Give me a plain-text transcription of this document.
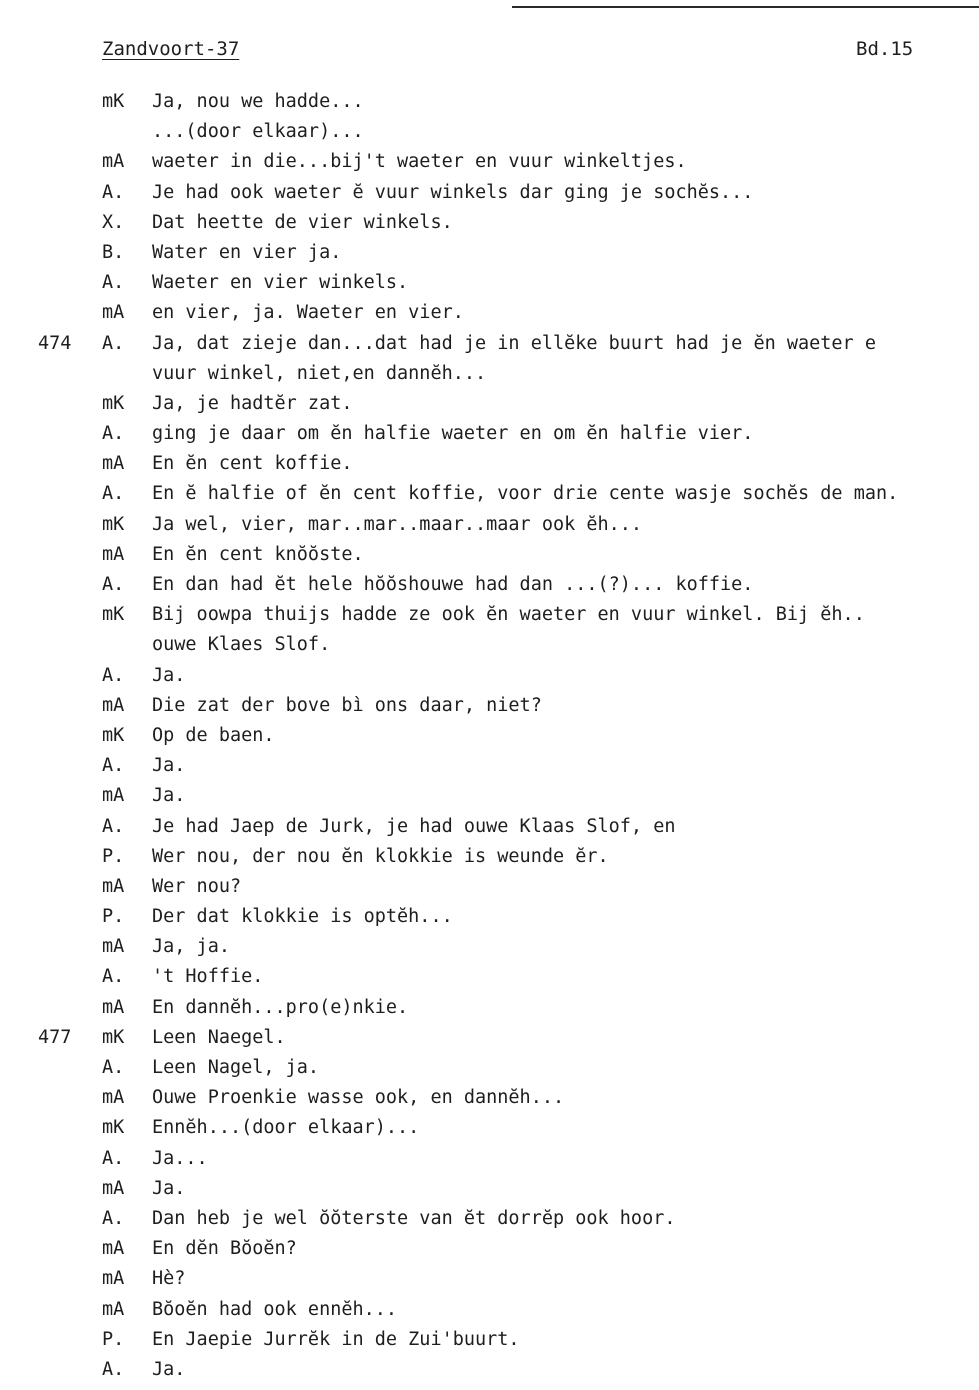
Zandvoort-37	Bd.15
mK Ja, nou we hadde...
...(door elkaar)...
mA waeter in die...bij't waeter en vuur winkeltjes.
A. Je had ook waeter ĕ vuur winkels dar ging je sochĕs...
X. Dat heette de vier winkels.
B. Water en vier ja.
A. Waeter en vier winkels.
mA en vier, ja. Waeter en vier.
474 A. Ja, dat zieje dan...dat had je in ellĕke buurt had je ĕn waeter e
vuur winkel, niet,en dannĕh...
mK Ja, je hadtĕr zat.
A. ging je daar om ĕn halfie waeter en om ĕn halfie vier.
mA En ĕn cent koffie.
A. En ĕ halfie of ĕn cent koffie, voor drie cente wasje sochĕs de man.
mK Ja wel, vier, mar..mar..maar..maar ook ĕh...
mA En ĕn cent knŏŏste.
A. En dan had ĕt hele hŏŏshouwe had dan ...(?)... koffie.
mK Bij oowpa thuijs hadde ze ook ĕn waeter en vuur winkel. Bij ĕh..
ouwe Klaes Slof.
A. Ja.
mA Die zat der bove bì ons daar, niet?
mK Op de baen.
A. Ja.
mA Ja.
A. Je had Jaep de Jurk, je had ouwe Klaas Slof, en
P. Wer nou, der nou ĕn klokkie is weunde ĕr.
mA Wer nou?
P. Der dat klokkie is optĕh...
mA Ja, ja.
A. 't Hoffie.
mA En dannĕh...pro(e)nkie.
477 mK Leen Naegel.
A. Leen Nagel, ja.
mA Ouwe Proenkie wasse ook, en dannĕh...
mK Ennĕh...(door elkaar)...
A. Ja...
mA Ja.
A. Dan heb je wel ŏŏterste van ĕt dorrĕp ook hoor.
mA En dĕn Bŏoĕn?
mA Hè?
mA Bŏoĕn had ook ennĕh...
P. En Jaepie Jurrĕk in de Zui'buurt.
A. Ja.
